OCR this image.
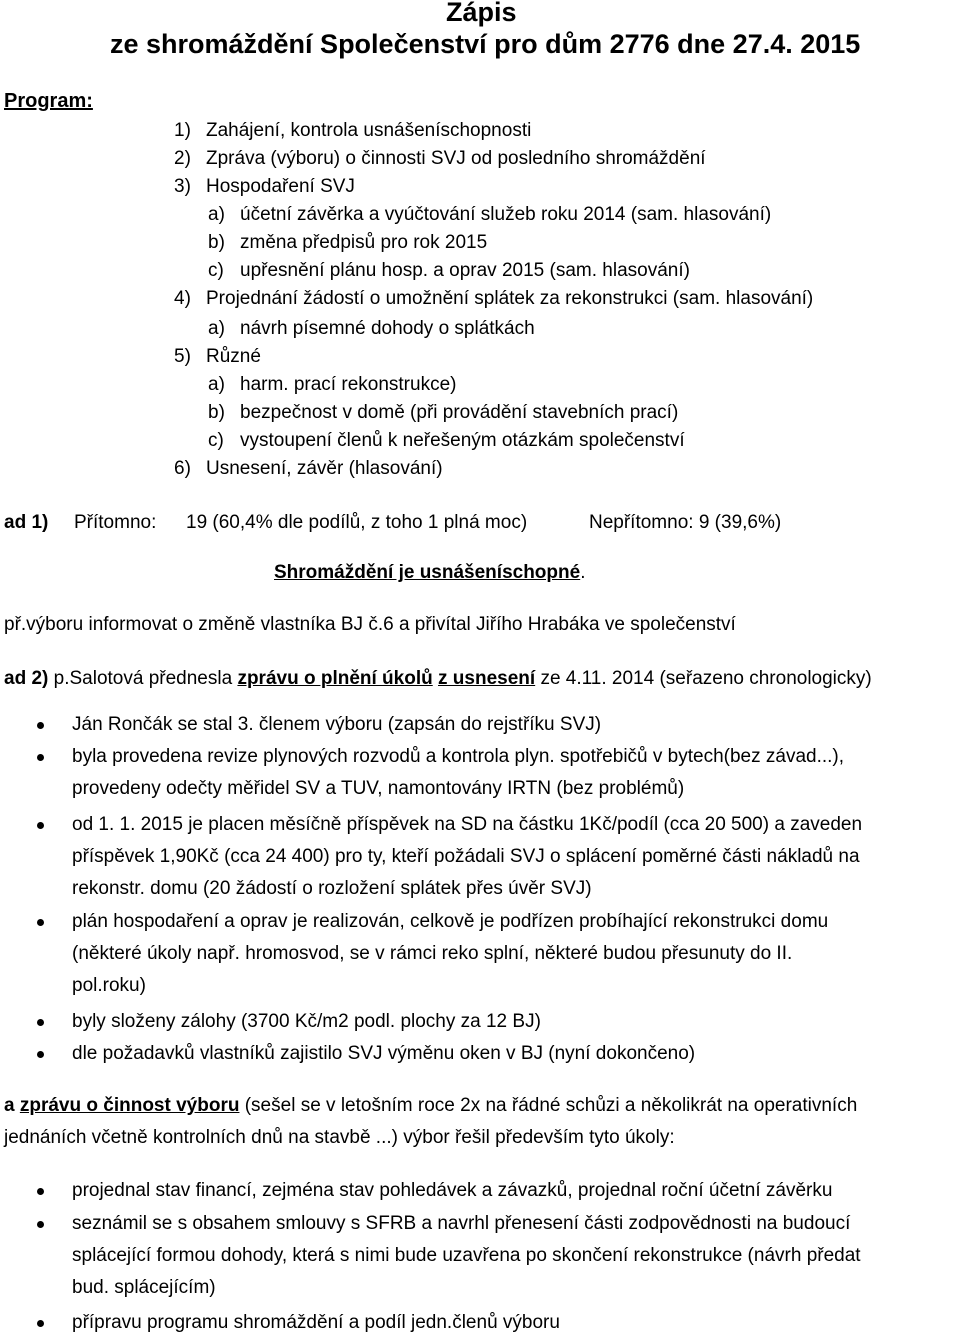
Zápis
ze shromáždění Společenství pro dům 2776 dne 27.4. 2015
Program:
1) Zahájení, kontrola usnášeníschopnosti
2) Zpráva (výboru) o činnosti SVJ od posledního shromáždění
3) Hospodaření SVJ
a) účetní závěrka a vyúčtování služeb roku 2014 (sam. hlasování)
b) změna předpisů pro rok 2015
c) upřesnění plánu hosp. a oprav 2015 (sam. hlasování)
4) Projednání žádostí o umožnění splátek za rekonstrukci (sam. hlasování)
a) návrh písemné dohody o splátkách
5) Různé
a) harm. prací rekonstrukce)
b) bezpečnost v domě (při provádění stavebních prací)
c) vystoupení členů k neřešeným otázkám společenství
6) Usnesení, závěr (hlasování)
ad 1) Přítomno: 19 (60,4% dle podílů, z toho 1 plná moc)	Nepřítomno: 9 (39,6%)
Shromáždění je usnášeníschopné.
př.výboru informovat o změně vlastníka BJ č.6 a přivítal Jiřího Hrabáka ve společenství
ad 2) p.Salotová přednesla zprávu o plnění úkolů z usnesení ze 4.11. 2014 (seřazeno chronologicky)
Ján Rončák se stal 3. členem výboru (zapsán do rejstříku SVJ)
byla provedena revize plynových rozvodů a kontrola plyn. spotřebičů v bytech(bez závad...),
provedeny odečty měřidel SV a TUV, namontovány IRTN (bez problémů)
od 1. 1. 2015 je placen měsíčně příspěvek na SD na částku 1Kč/podíl (cca 20 500) a zaveden
příspěvek 1,90Kč (cca 24 400) pro ty, kteří požádali SVJ o splácení poměrné části nákladů na
rekonstr. domu (20 žádostí o rozložení splátek přes úvěr SVJ)
plán hospodaření a oprav je realizován, celkově je podřízen probíhající rekonstrukci domu
(některé úkoly např. hromosvod, se v rámci reko splní, některé budou přesunuty do II.
pol.roku)
byly složeny zálohy (3700 Kč/m2 podl. plochy za 12 BJ)
dle požadavků vlastníků zajistilo SVJ výměnu oken v BJ (nyní dokončeno)
a zprávu o činnost výboru (sešel se v letošním roce 2x na řádné schůzi a několikrát na operativních
jednáních včetně kontrolních dnů na stavbě ...) výbor řešil především tyto úkoly:
projednal stav financí, zejména stav pohledávek a závazků, projednal roční účetní závěrku
seznámil se s obsahem smlouvy s SFRB a navrhl přenesení části zodpovědnosti na budoucí
splácející formou dohody, která s nimi bude uzavřena po skončení rekonstrukce (návrh předat
bud. splácejícím)
přípravu programu shromáždění a podíl jedn.členů výboru
